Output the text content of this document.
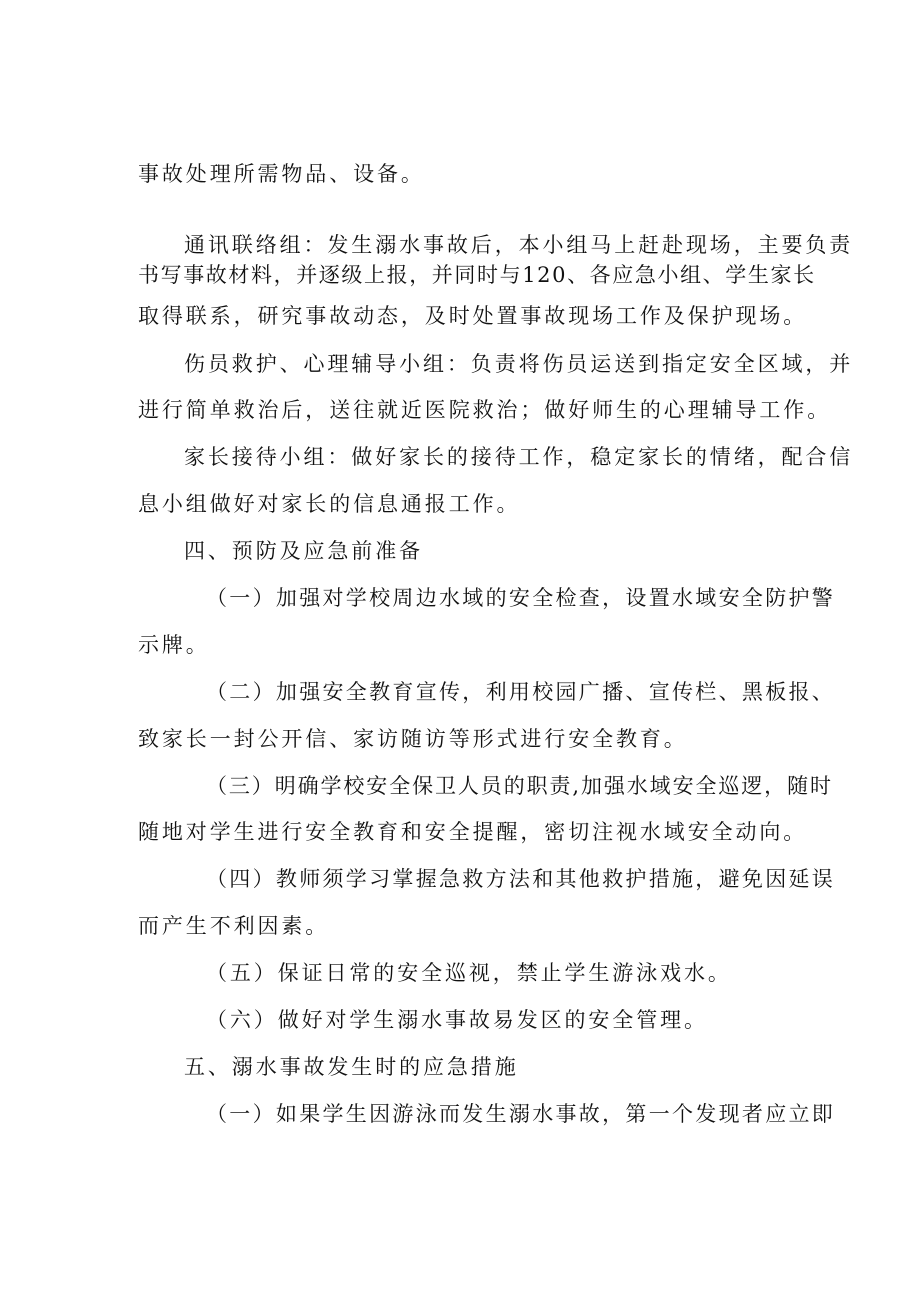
事故处理所需物品、设备。

通讯联络组：发生溺水事故后，本小组马上赶赴现场，主要负责

书写事故材料，并逐级上报，并同时与120、各应急小组、学生家长

取得联系，研究事故动态，及时处置事故现场工作及保护现场。

伤员救护、心理辅导小组：负责将伤员运送到指定安全区域，并

进行简单救治后，送往就近医院救治；做好师生的心理辅导工作。

家长接待小组：做好家长的接待工作，稳定家长的情绪，配合信

息小组做好对家长的信息通报工作。

四、预防及应急前准备

（一）加强对学校周边水域的安全检查，设置水域安全防护警

示牌。

（二）加强安全教育宣传，利用校园广播、宣传栏、黑板报、

致家长一封公开信、家访随访等形式进行安全教育。

（三）明确学校安全保卫人员的职责,加强水域安全巡逻，随时

随地对学生进行安全教育和安全提醒，密切注视水域安全动向。

（四）教师须学习掌握急救方法和其他救护措施，避免因延误

而产生不利因素。

（五）保证日常的安全巡视，禁止学生游泳戏水。

（六）做好对学生溺水事故易发区的安全管理。

五、溺水事故发生时的应急措施

（一）如果学生因游泳而发生溺水事故，第一个发现者应立即
